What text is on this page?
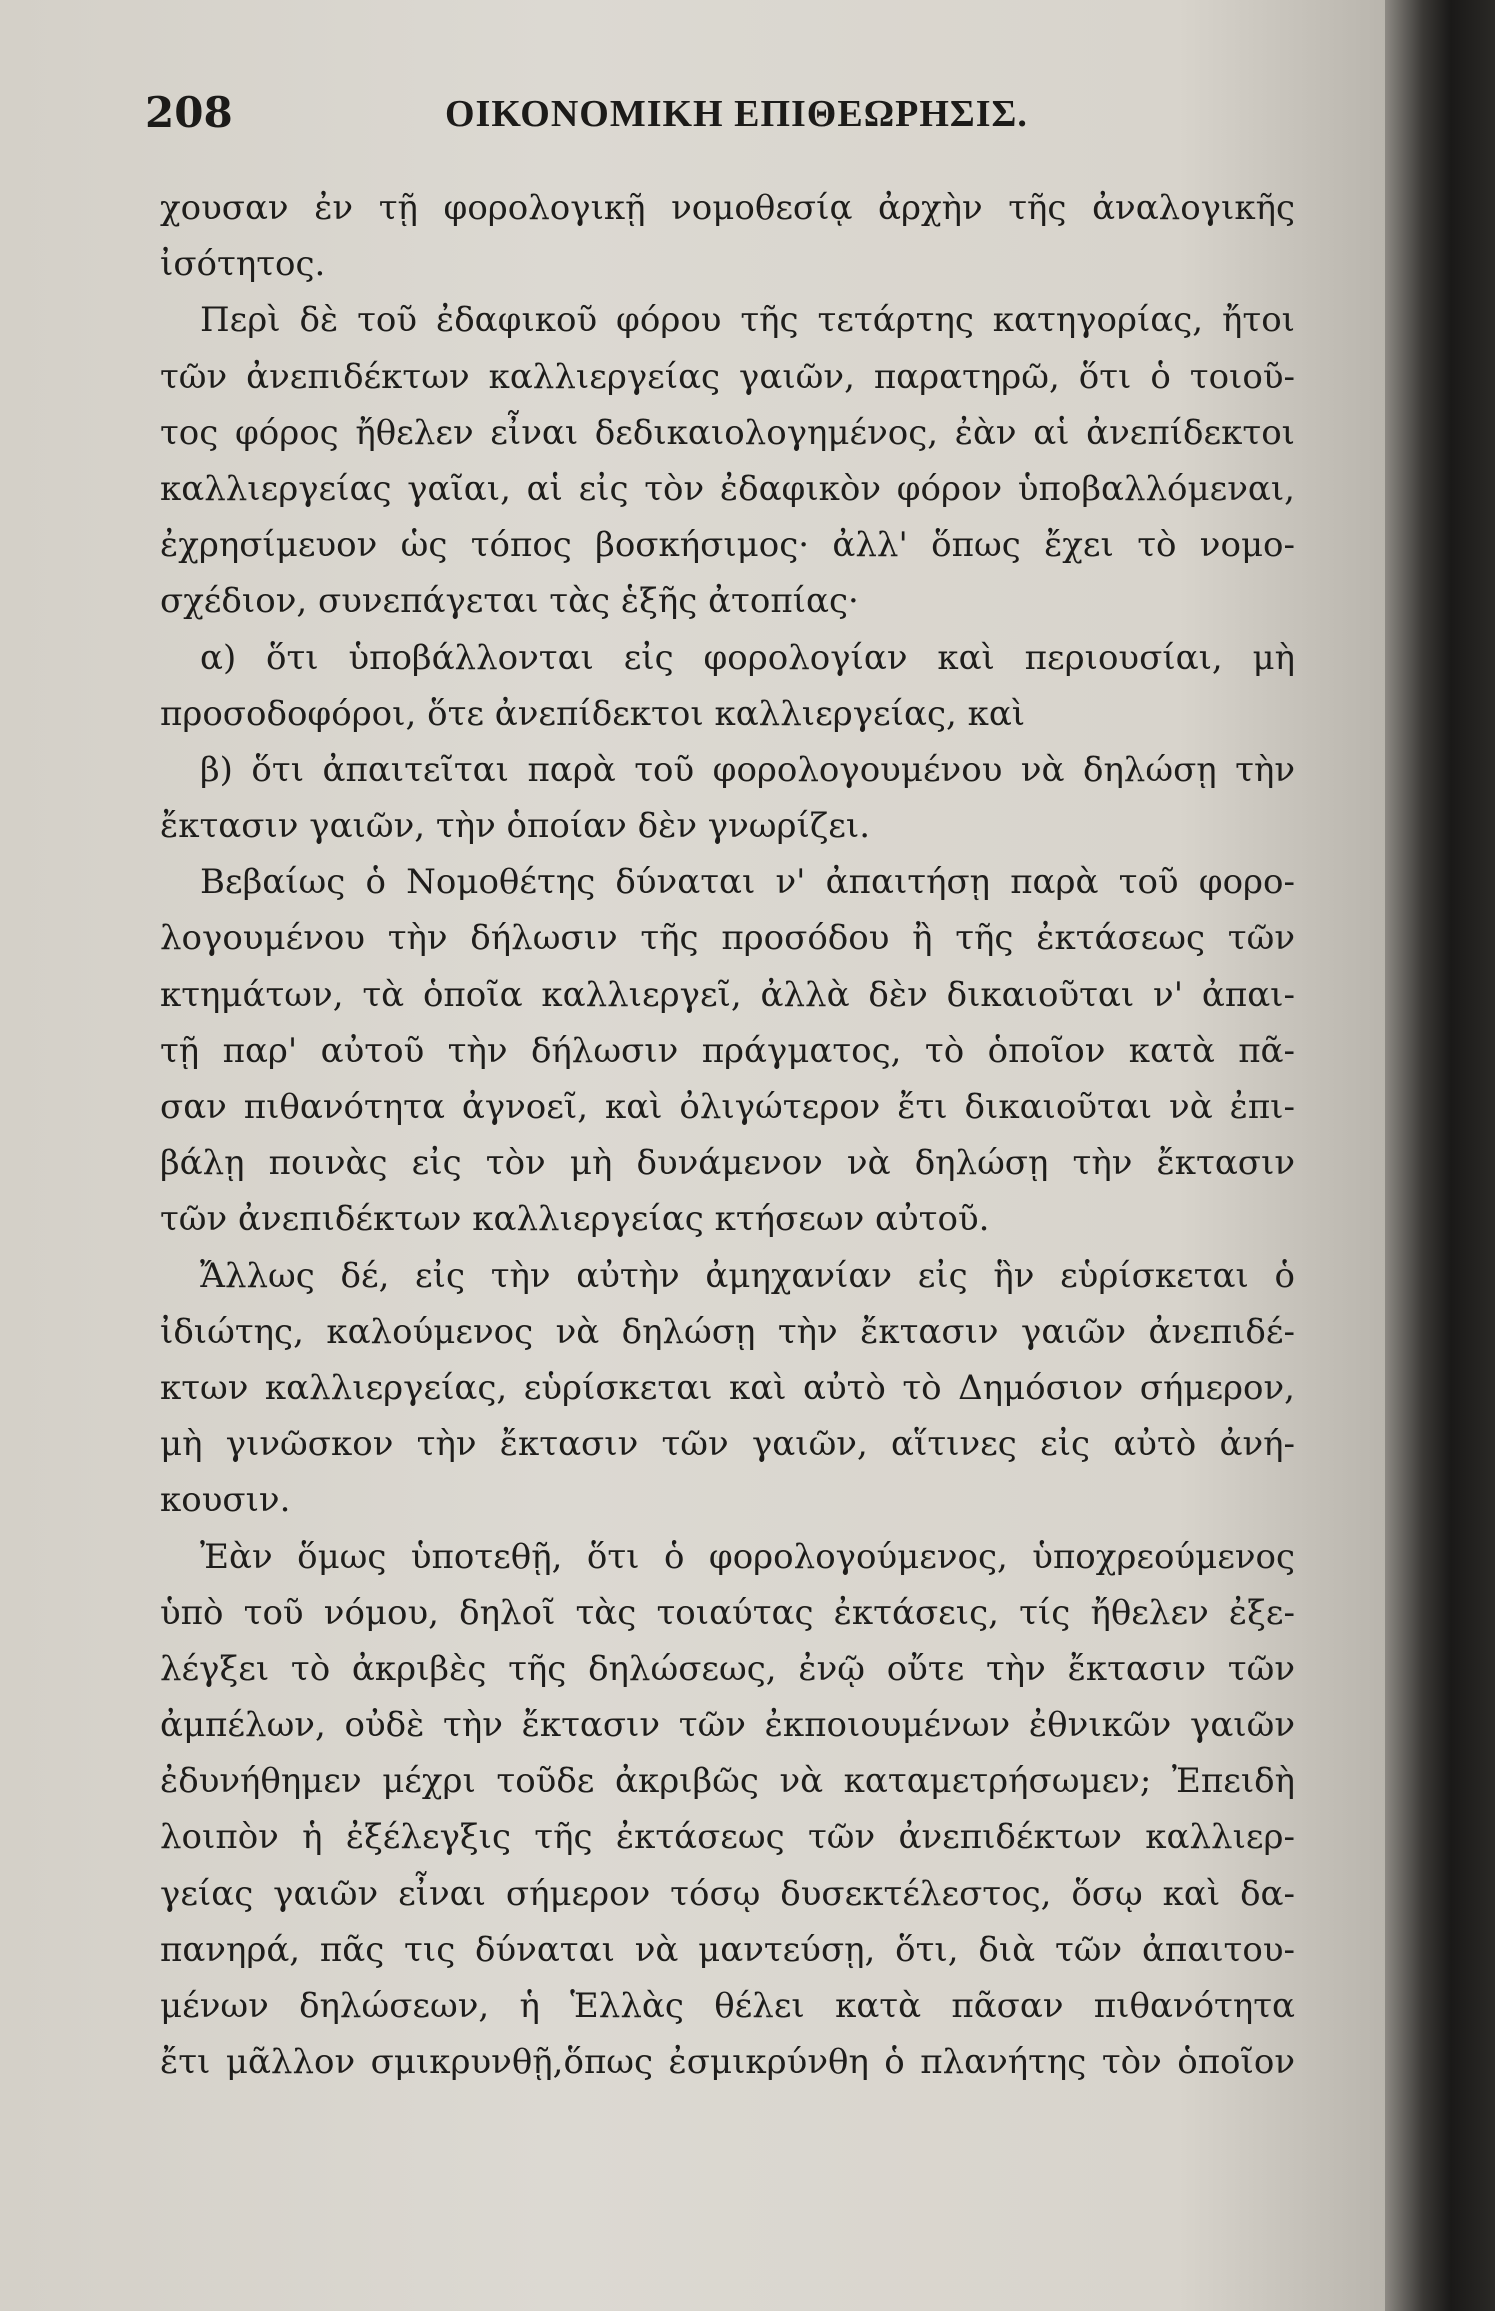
208	ΟΙΚΟΝΟΜΙΚΗ ΕΠΙΘΕΩΡΗΣΙΣ.
χουσαν ἐν τῇ φορολογικῇ νομοθεσίᾳ ἀρχὴν τῆς ἀναλογικῆς
ἰσότητος.
Περὶ δὲ τοῦ ἐδαφικοῦ φόρου τῆς τετάρτης κατηγορίας, ἤτοι
τῶν ἀνεπιδέκτων καλλιεργείας γαιῶν, παρατηρῶ, ὅτι ὁ τοιοῦ-
τος φόρος ἤθελεν εἶναι δεδικαιολογημένος, ἐὰν αἱ ἀνεπίδεκτοι
καλλιεργείας γαῖαι, αἱ εἰς τὸν ἐδαφικὸν φόρον ὑποβαλλόμεναι,
ἐχρησίμευον ὡς τόπος βοσκήσιμος· ἀλλ' ὅπως ἔχει τὸ νομο-
σχέδιον, συνεπάγεται τὰς ἑξῆς ἀτοπίας·
α) ὅτι ὑποβάλλονται εἰς φορολογίαν καὶ περιουσίαι, μὴ
προσοδοφόροι, ὅτε ἀνεπίδεκτοι καλλιεργείας, καὶ
β) ὅτι ἀπαιτεῖται παρὰ τοῦ φορολογουμένου νὰ δηλώσῃ τὴν
ἔκτασιν γαιῶν, τὴν ὁποίαν δὲν γνωρίζει.
Βεβαίως ὁ Νομοθέτης δύναται ν' ἀπαιτήσῃ παρὰ τοῦ φορο-
λογουμένου τὴν δήλωσιν τῆς προσόδου ἢ τῆς ἐκτάσεως τῶν
κτημάτων, τὰ ὁποῖα καλλιεργεῖ, ἀλλὰ δὲν δικαιοῦται ν' ἀπαι-
τῇ παρ' αὐτοῦ τὴν δήλωσιν πράγματος, τὸ ὁποῖον κατὰ πᾶ-
σαν πιθανότητα ἀγνοεῖ, καὶ ὀλιγώτερον ἔτι δικαιοῦται νὰ ἐπι-
βάλῃ ποινὰς εἰς τὸν μὴ δυνάμενον νὰ δηλώσῃ τὴν ἔκτασιν
τῶν ἀνεπιδέκτων καλλιεργείας κτήσεων αὐτοῦ.
Ἄλλως δέ, εἰς τὴν αὐτὴν ἀμηχανίαν εἰς ἣν εὑρίσκεται ὁ
ἰδιώτης, καλούμενος νὰ δηλώσῃ τὴν ἔκτασιν γαιῶν ἀνεπιδέ-
κτων καλλιεργείας, εὑρίσκεται καὶ αὐτὸ τὸ Δημόσιον σήμερον,
μὴ γινῶσκον τὴν ἔκτασιν τῶν γαιῶν, αἵτινες εἰς αὐτὸ ἀνή-
κουσιν.
Ἐὰν ὅμως ὑποτεθῇ, ὅτι ὁ φορολογούμενος, ὑποχρεούμενος
ὑπὸ τοῦ νόμου, δηλοῖ τὰς τοιαύτας ἐκτάσεις, τίς ἤθελεν ἐξε-
λέγξει τὸ ἀκριβὲς τῆς δηλώσεως, ἐνῷ οὔτε τὴν ἔκτασιν τῶν
ἀμπέλων, οὐδὲ τὴν ἔκτασιν τῶν ἐκποιουμένων ἐθνικῶν γαιῶν
ἐδυνήθημεν μέχρι τοῦδε ἀκριβῶς νὰ καταμετρήσωμεν; Ἐπειδὴ
λοιπὸν ἡ ἐξέλεγξις τῆς ἐκτάσεως τῶν ἀνεπιδέκτων καλλιερ-
γείας γαιῶν εἶναι σήμερον τόσῳ δυσεκτέλεστος, ὅσῳ καὶ δα-
πανηρά, πᾶς τις δύναται νὰ μαντεύσῃ, ὅτι, διὰ τῶν ἀπαιτου-
μένων δηλώσεων, ἡ Ἑλλὰς θέλει κατὰ πᾶσαν πιθανότητα
ἔτι μᾶλλον σμικρυνθῇ,ὅπως ἐσμικρύνθη ὁ πλανήτης τὸν ὁποῖον
